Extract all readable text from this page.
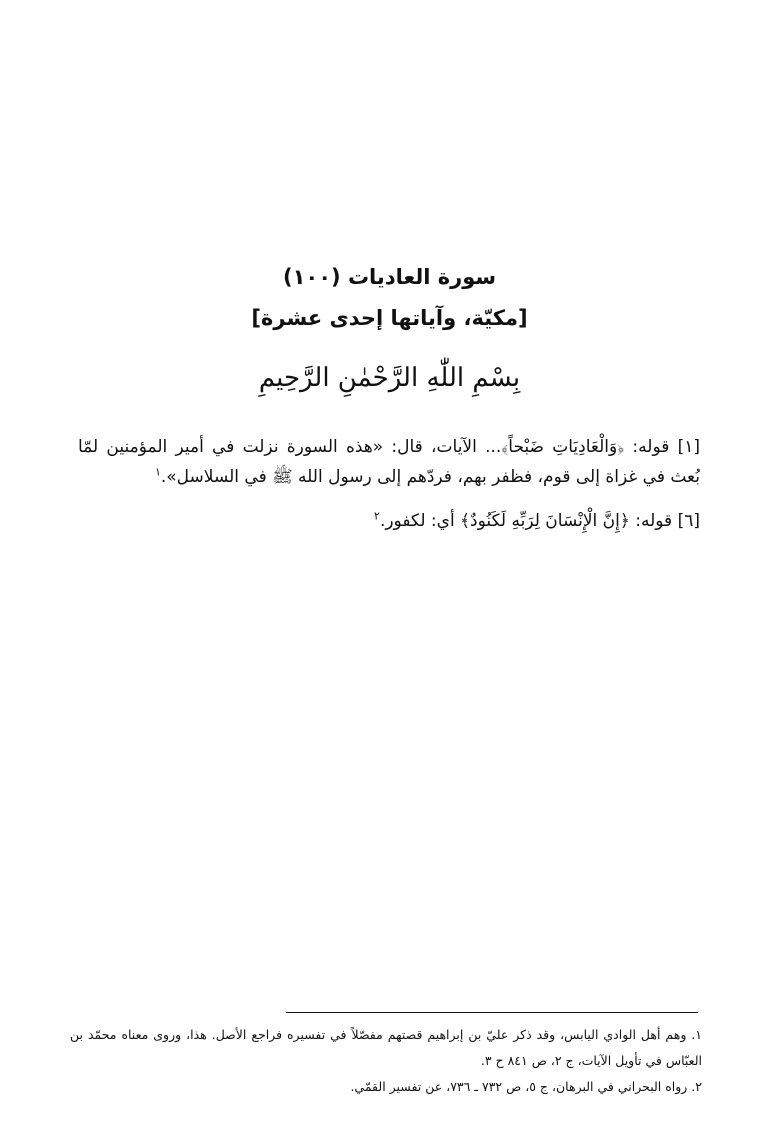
سورة العاديات (١٠٠)
[مكيّة، وآياتها إحدى عشرة]
بِسْمِ اللّٰهِ الرَّحْمٰنِ الرَّحِيمِ

[١] قوله: ﴿وَالْعَادِيَاتِ ضَبْحاً﴾... الآيات، قال: «هذه السورة نزلت في أمير المؤمنين لمّا بُعث في غزاة إلى قوم، فظفر بهم، فردّهم إلى رسول الله ﷺ في السلاسل».$^١$

[٦] قوله: ﴿إِنَّ الْإِنْسَانَ لِرَبِّهِ لَكَنُودٌ﴾ أي: لكفور.$^٢$

١. وهم أهل الوادي اليابس، وقد ذكر عليّ بن إبراهيم قصتهم مفصّلاً في تفسيره فراجع الأصل. هذا، وروى معناه محمّد بن العبّاس في تأويل الآيات، ج ٢، ص ٨٤١ ح ٣.

٢. رواه البحراني في البرهان، ج ٥، ص ٧٣٢ ـ ٧٣٦، عن تفسير القمّي.
